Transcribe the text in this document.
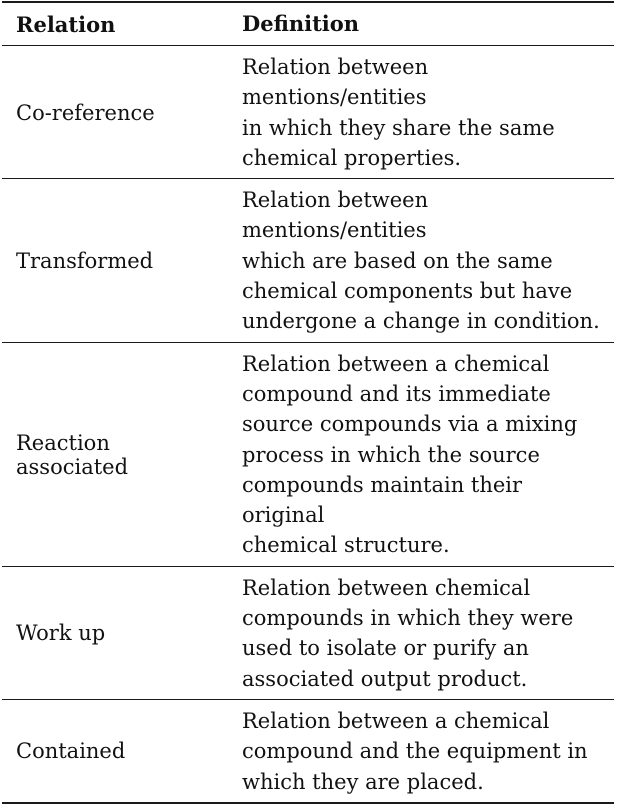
Relation	Definition
Co-reference
Relation between mentions/entities
in which they share the same
chemical properties.
Transformed
Relation between mentions/entities
which are based on the same
chemical components but have
undergone a change in condition.
Reaction associated
Relation between a chemical
compound and its immediate
source compounds via a mixing
process in which the source
compounds maintain their original
chemical structure.
Work up
Relation between chemical
compounds in which they were
used to isolate or purify an
associated output product.
Contained
Relation between a chemical
compound and the equipment in
which they are placed.
